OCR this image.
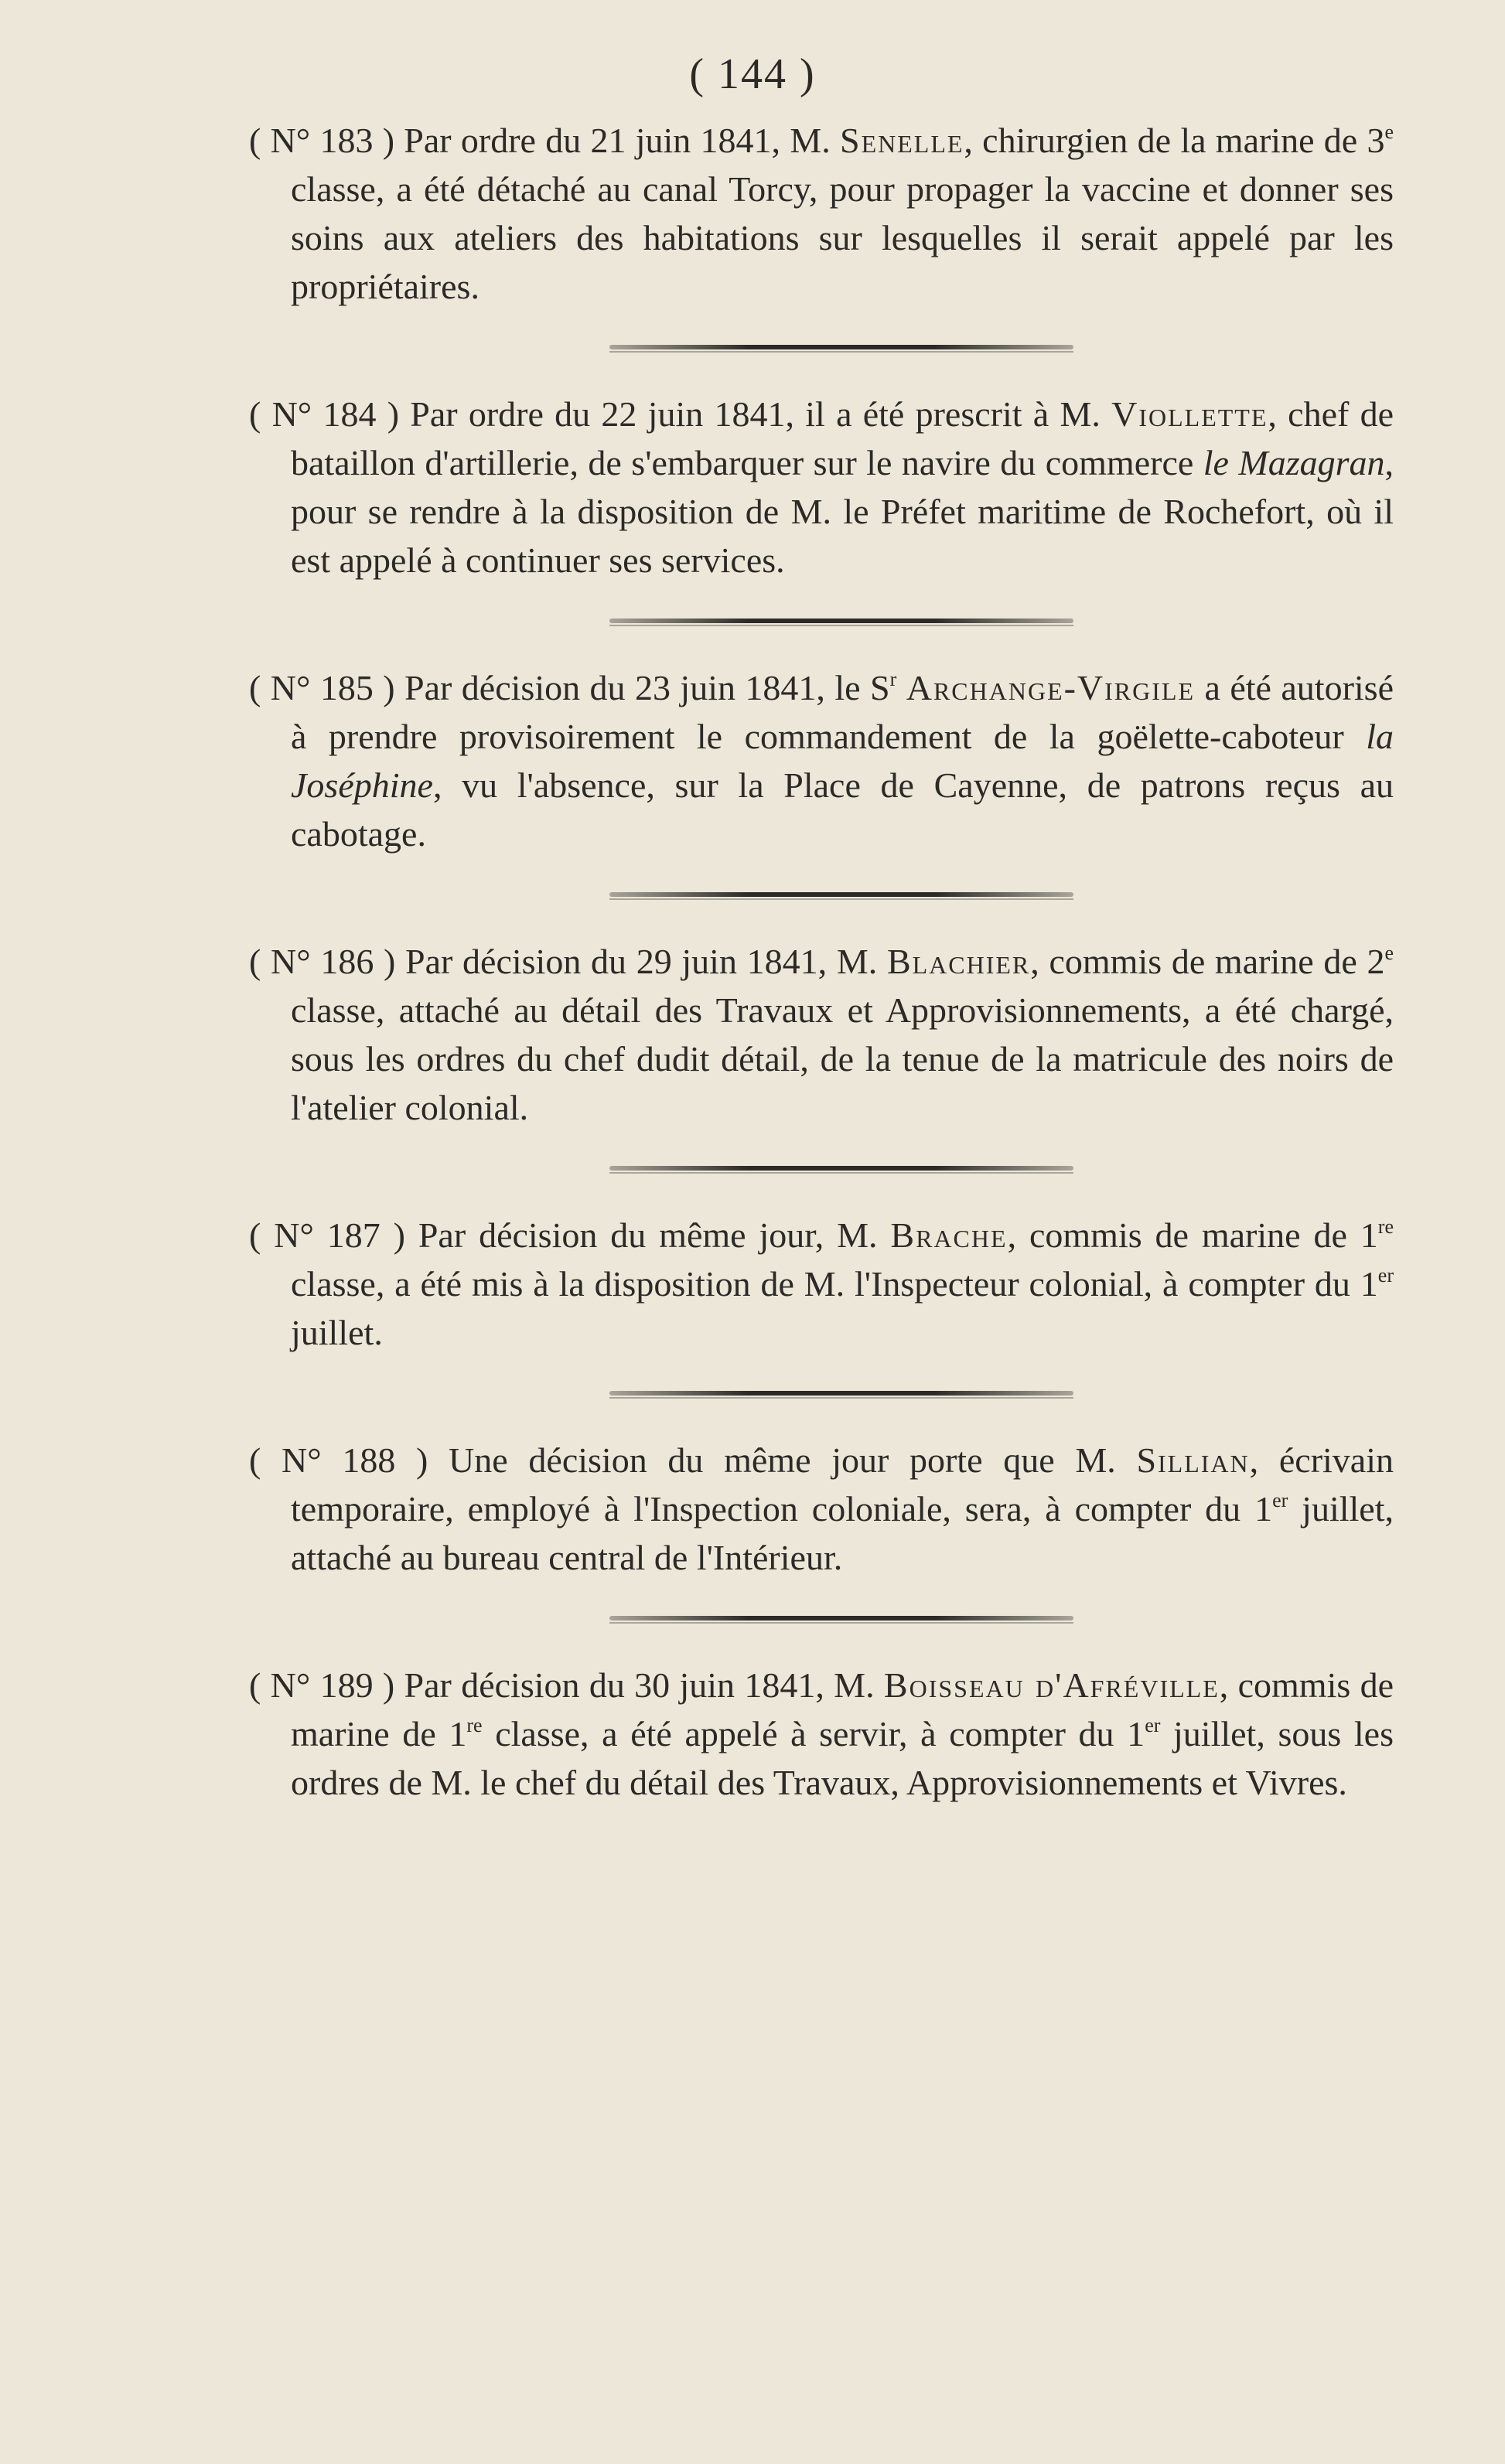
( 144 )

( N° 183 ) Par ordre du 21 juin 1841, M. Senelle, chirurgien de la marine de 3e classe, a été détaché au canal Torcy, pour propager la vaccine et donner ses soins aux ateliers des habitations sur lesquelles il serait appelé par les propriétaires.

( N° 184 ) Par ordre du 22 juin 1841, il a été prescrit à M. Viollette, chef de bataillon d'artillerie, de s'embarquer sur le navire du commerce le Mazagran, pour se rendre à la disposition de M. le Préfet maritime de Rochefort, où il est appelé à continuer ses services.

( N° 185 ) Par décision du 23 juin 1841, le $S^r$ Archange-Virgile a été autorisé à prendre provisoirement le commandement de la goëlette-caboteur la Joséphine, vu l'absence, sur la Place de Cayenne, de patrons reçus au cabotage.

( N° 186 ) Par décision du 29 juin 1841, M. Blachier, commis de marine de 2e classe, attaché au détail des Travaux et Approvisionnements, a été chargé, sous les ordres du chef dudit détail, de la tenue de la matricule des noirs de l'atelier colonial.

( N° 187 ) Par décision du même jour, M. Brache, commis de marine de 1re classe, a été mis à la disposition de M. l'Inspecteur colonial, à compter du 1er juillet.

( N° 188 ) Une décision du même jour porte que M. Sillian, écrivain temporaire, employé à l'Inspection coloniale, sera, à compter du 1er juillet, attaché au bureau central de l'Intérieur.

( N° 189 ) Par décision du 30 juin 1841, M. Boisseau d'Afréville, commis de marine de 1re classe, a été appelé à servir, à compter du 1er juillet, sous les ordres de M. le chef du détail des Travaux, Approvisionnements et Vivres.
